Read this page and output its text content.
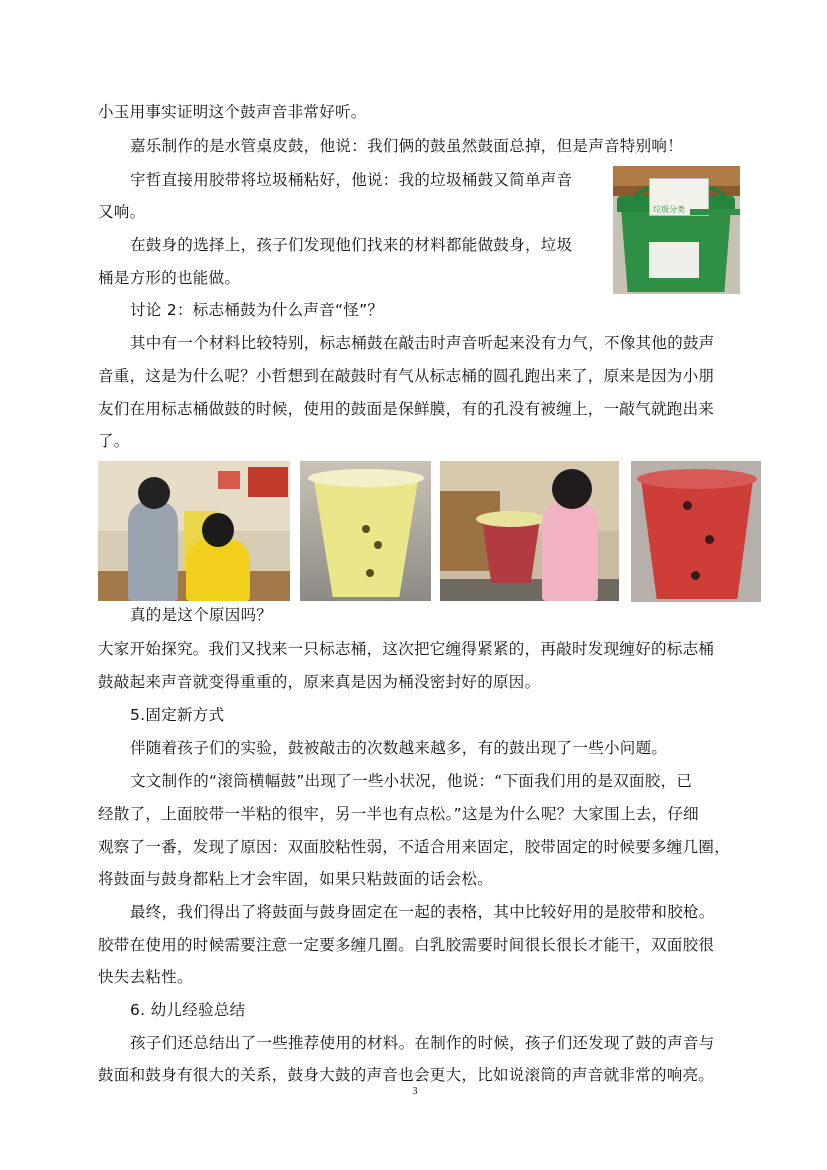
小玉用事实证明这个鼓声音非常好听。
嘉乐制作的是水管桌皮鼓，他说：我们俩的鼓虽然鼓面总掉，但是声音特别响！
宇哲直接用胶带将垃圾桶粘好，他说：我的垃圾桶鼓又简单声音
又响。
在鼓身的选择上，孩子们发现他们找来的材料都能做鼓身，垃圾
桶是方形的也能做。
讨论 2：标志桶鼓为什么声音“怪”？
其中有一个材料比较特别，标志桶鼓在敲击时声音听起来没有力气，不像其他的鼓声
音重，这是为什么呢？小哲想到在敲鼓时有气从标志桶的圆孔跑出来了，原来是因为小朋
友们在用标志桶做鼓的时候，使用的鼓面是保鲜膜，有的孔没有被缠上，一敲气就跑出来
了。
垃圾分类
真的是这个原因吗？
大家开始探究。我们又找来一只标志桶，这次把它缠得紧紧的，再敲时发现缠好的标志桶
鼓敲起来声音就变得重重的，原来真是因为桶没密封好的原因。
5.固定新方式
伴随着孩子们的实验，鼓被敲击的次数越来越多，有的鼓出现了一些小问题。
文文制作的“滚筒横幅鼓”出现了一些小状况，他说：“下面我们用的是双面胶，已
经散了，上面胶带一半粘的很牢，另一半也有点松。”这是为什么呢？大家围上去，仔细
观察了一番，发现了原因：双面胶粘性弱，不适合用来固定，胶带固定的时候要多缠几圈，
将鼓面与鼓身都粘上才会牢固，如果只粘鼓面的话会松。
最终，我们得出了将鼓面与鼓身固定在一起的表格，其中比较好用的是胶带和胶枪。
胶带在使用的时候需要注意一定要多缠几圈。白乳胶需要时间很长很长才能干，双面胶很
快失去粘性。
6. 幼儿经验总结
孩子们还总结出了一些推荐使用的材料。在制作的时候，孩子们还发现了鼓的声音与
鼓面和鼓身有很大的关系，鼓身大鼓的声音也会更大，比如说滚筒的声音就非常的响亮。
3
